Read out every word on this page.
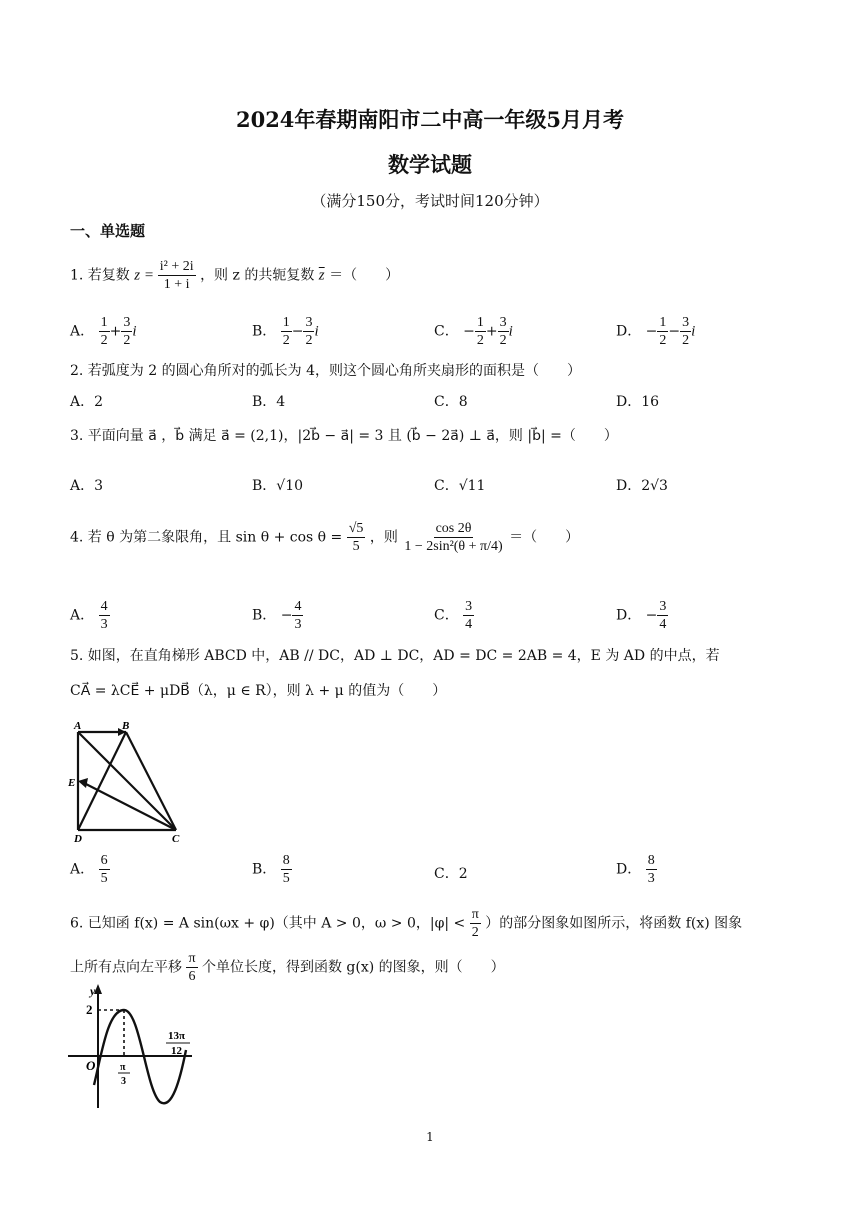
2024年春期南阳市二中高一年级5月月考
数学试题
（满分150分，考试时间120分钟）
一、单选题
1. 若复数 $z = \frac{\text{i² + 2i}}{1 + i}$ ，则 z 的共轭复数 $\overline{z}$ ＝（　　）
A． $\frac{1}{2} + \frac{3}{2}$ i	B． $\frac{1}{2} - \frac{3}{2}$ i	C． − $\frac{1}{2} + \frac{3}{2}$ i	D． − $\frac{1}{2} - \frac{3}{2}$ i
2. 若弧度为 2 的圆心角所对的弧长为 4，则这个圆心角所夹扇形的面积是（　　）
A．2	B．4	C．8	D．16
3. 平面向量 a⃗ ，b⃗ 满足 a⃗ = (2,1)，|2b⃗ − a⃗| = 3 且 (b⃗ − 2a⃗) ⊥ a⃗，则 |b⃗| =（　　）
A．3	B．√10	C．√11	D．2√3
4. 若 θ 为第二象限角，且 $\sin \theta + \cos \theta = \frac{√5}{5}$ ，则 $\frac{\cos 2\theta}{\text{1 − 2sin²(θ + π/4)}}$ ＝（　　）
A． $\frac{4}{3}$	B． − $\frac{4}{3}$	C． $\frac{3}{4}$	D． − $\frac{3}{4}$
5. 如图，在直角梯形 ABCD 中，AB // DC，AD ⊥ DC，AD = DC = 2AB = 4，E 为 AD 的中点，若
CA⃗ = λCE⃗ + μDB⃗（λ，μ ∈ R），则 λ + μ 的值为（　　）
A	B
E
D	C
A． $\frac{6}{5}$	B． $\frac{8}{5}$	C．2	D． $\frac{8}{3}$
6. 已知函 f(x) = A sin(ωx + φ)（其中 A > 0，ω > 0，$|\varphi| < \frac{\pi}{2}$ ）的部分图象如图所示，将函数 f(x) 图象
上所有点向左平移 $\frac{\pi}{6}$ 个单位长度，得到函数 g(x) 的图象，则（　　）
y
2
O π
3
13π
12
1
